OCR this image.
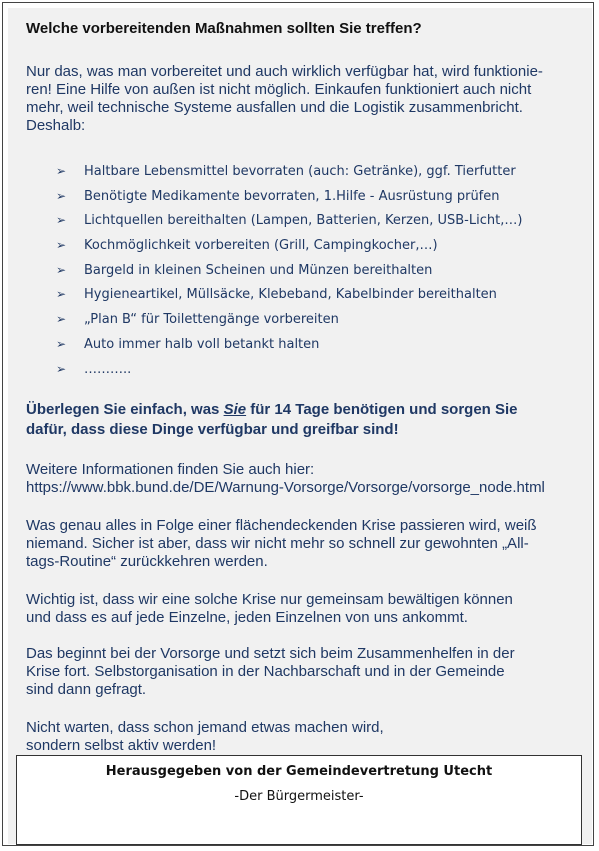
Welche vorbereitenden Maßnahmen sollten Sie treffen?

Nur das, was man vorbereitet und auch wirklich verfügbar hat, wird funktionie-
ren! Eine Hilfe von außen ist nicht möglich. Einkaufen funktioniert auch nicht
mehr, weil technische Systeme ausfallen und die Logistik zusammenbricht.
Deshalb:

➢ Haltbare Lebensmittel bevorraten (auch: Getränke), ggf. Tierfutter
➢ Benötigte Medikamente bevorraten, 1.Hilfe - Ausrüstung prüfen
➢ Lichtquellen bereithalten (Lampen, Batterien, Kerzen, USB-Licht,…)
➢ Kochmöglichkeit vorbereiten (Grill, Campingkocher,…)
➢ Bargeld in kleinen Scheinen und Münzen bereithalten
➢ Hygieneartikel, Müllsäcke, Klebeband, Kabelbinder bereithalten
➢ „Plan B“ für Toilettengänge vorbereiten
➢ Auto immer halb voll betankt halten
➢ ………..

Überlegen Sie einfach, was Sie für 14 Tage benötigen und sorgen Sie
dafür, dass diese Dinge verfügbar und greifbar sind!

Weitere Informationen finden Sie auch hier:
https://www.bbk.bund.de/DE/Warnung-Vorsorge/Vorsorge/vorsorge_node.html

Was genau alles in Folge einer flächendeckenden Krise passieren wird, weiß
niemand. Sicher ist aber, dass wir nicht mehr so schnell zur gewohnten „All-
tags-Routine“ zurückkehren werden.

Wichtig ist, dass wir eine solche Krise nur gemeinsam bewältigen können
und dass es auf jede Einzelne, jeden Einzelnen von uns ankommt.

Das beginnt bei der Vorsorge und setzt sich beim Zusammenhelfen in der
Krise fort. Selbstorganisation in der Nachbarschaft und in der Gemeinde
sind dann gefragt.

Nicht warten, dass schon jemand etwas machen wird,
sondern selbst aktiv werden!

Herausgegeben von der Gemeindevertretung Utecht
-Der Bürgermeister-
